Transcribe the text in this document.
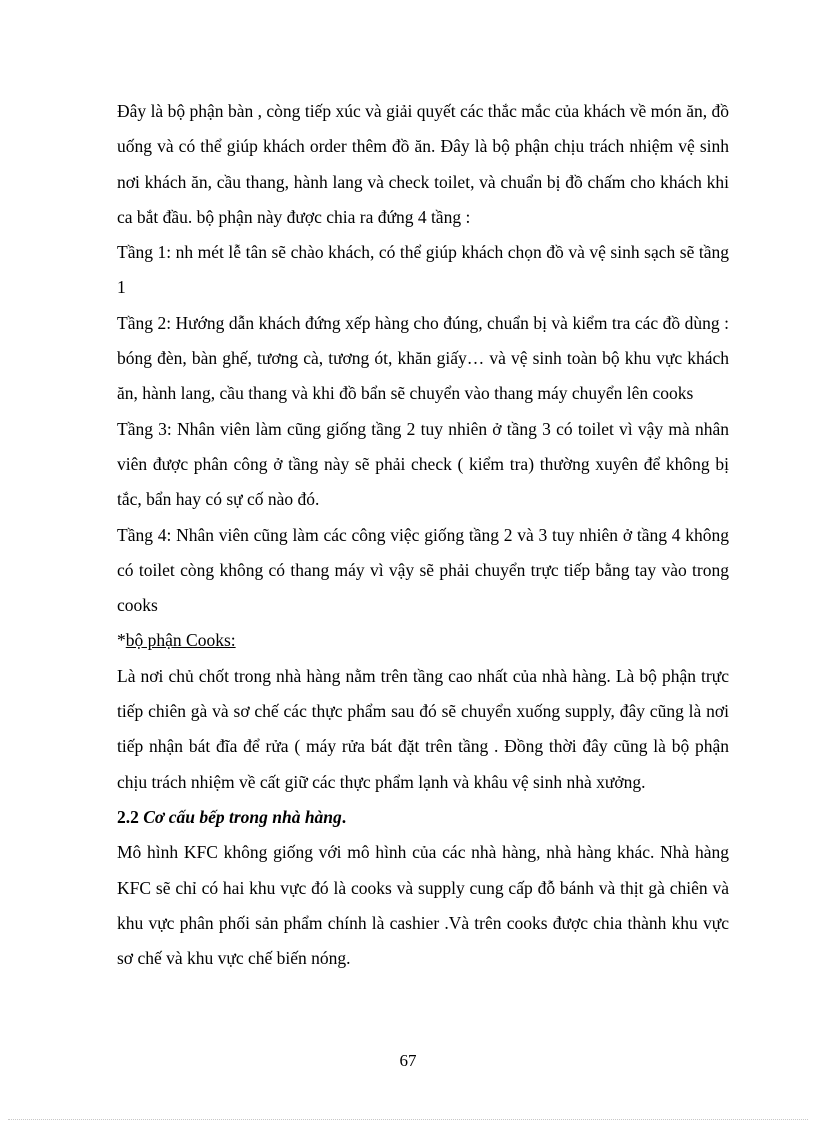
Đây là bộ phận bàn , còng tiếp xúc và giải quyết các thắc mắc của khách về món ăn, đồ uống và có thể giúp khách order thêm đồ ăn. Đây là bộ phận chịu trách nhiệm vệ sinh nơi khách ăn, cầu thang, hành lang và check toilet, và chuẩn bị đồ chấm cho khách khi ca bắt đầu. bộ phận này được chia ra đứng 4 tầng :

Tầng 1: nh mét lễ tân sẽ chào khách, có thể giúp khách chọn đồ và vệ sinh sạch sẽ tầng 1

Tầng 2: Hướng dẫn khách đứng xếp hàng cho đúng, chuẩn bị và kiểm tra các đồ dùng : bóng đèn, bàn ghế, tương cà, tương ót, khăn giấy… và vệ sinh toàn bộ khu vực khách ăn, hành lang, cầu thang và khi đồ bẩn sẽ chuyển vào thang máy chuyển lên cooks

Tầng 3: Nhân viên làm cũng giống tầng 2 tuy nhiên ở tầng 3 có toilet vì vậy mà nhân viên được phân công ở tầng này sẽ phải check ( kiểm tra) thường xuyên để không bị tắc, bẩn hay có sự cố nào đó.

Tầng 4: Nhân viên cũng làm các công việc giống tầng 2 và 3 tuy nhiên ở tầng 4 không có toilet còng không có thang máy vì vậy sẽ phải chuyển trực tiếp bằng tay vào trong cooks

*bộ phận Cooks:

Là nơi chủ chốt trong nhà hàng nằm trên tầng cao nhất của nhà hàng. Là bộ phận trực tiếp chiên gà và sơ chế các thực phẩm sau đó sẽ chuyển xuống supply, đây cũng là nơi tiếp nhận bát đĩa để rửa ( máy rửa bát đặt trên tầng . Đồng thời đây cũng là bộ phận chịu trách nhiệm về cất giữ các thực phẩm lạnh và khâu vệ sinh nhà xưởng.

2.2 Cơ cấu bếp trong nhà hàng.

Mô hình KFC không giống với mô hình của các nhà hàng, nhà hàng khác. Nhà hàng KFC sẽ chỉ có hai khu vực đó là cooks và supply cung cấp đỗ bánh và thịt gà chiên và khu vực phân phối sản phẩm chính là cashier .Và trên cooks được chia thành khu vực sơ chế và khu vực chế biến nóng.

67
